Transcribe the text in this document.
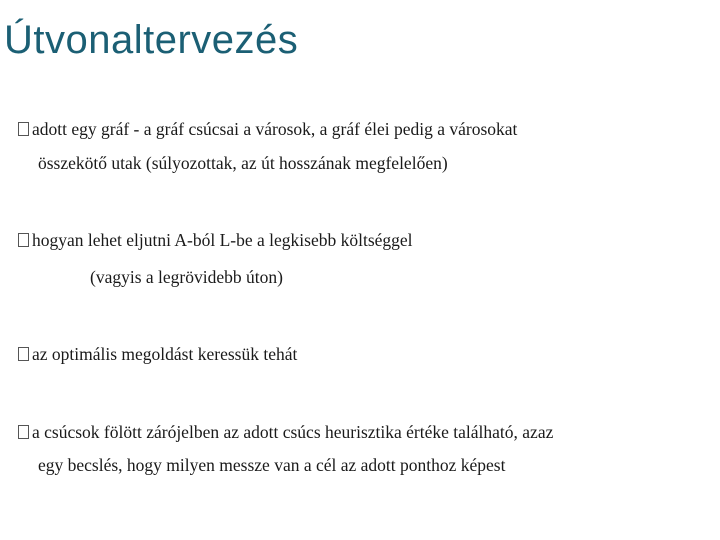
Útvonaltervezés
adott egy gráf - a gráf csúcsai a városok, a gráf élei pedig a városokat
összekötő utak (súlyozottak, az út hosszának megfelelően)
hogyan lehet eljutni A-ból L-be a legkisebb költséggel
(vagyis a legrövidebb úton)
az optimális megoldást keressük tehát
a csúcsok fölött zárójelben az adott csúcs heurisztika értéke található, azaz
egy becslés, hogy milyen messze van a cél az adott ponthoz képest
